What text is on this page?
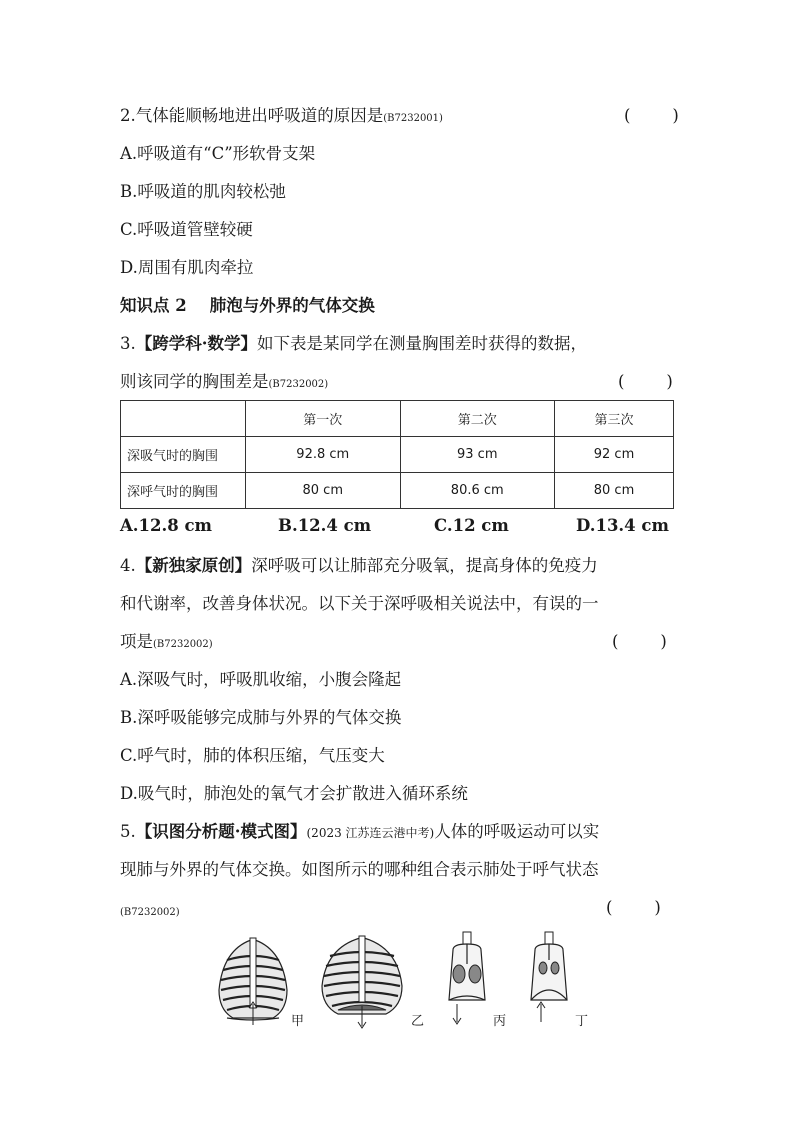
2.气体能顺畅地进出呼吸道的原因是(B7232001)	(        )
A.呼吸道有“C”形软骨支架
B.呼吸道的肌肉较松弛
C.呼吸道管壁较硬
D.周围有肌肉牵拉
知识点 2    肺泡与外界的气体交换
3.【跨学科·数学】如下表是某同学在测量胸围差时获得的数据，
则该同学的胸围差是(B7232002)	(        )
	第一次	第二次	第三次
深吸气时的胸围	92.8 cm	93 cm	92 cm
深呼气时的胸围	80 cm	80.6 cm	80 cm
A.12.8 cm	B.12.4 cm	C.12 cm	D.13.4 cm
4.【新独家原创】深呼吸可以让肺部充分吸氧，提高身体的免疫力
和代谢率，改善身体状况。以下关于深呼吸相关说法中，有误的一
项是(B7232002)	(        )
A.深吸气时，呼吸肌收缩，小腹会隆起
B.深呼吸能够完成肺与外界的气体交换
C.呼气时，肺的体积压缩，气压变大
D.吸气时，肺泡处的氧气才会扩散进入循环系统
5.【识图分析题·模式图】(2023 江苏连云港中考)人体的呼吸运动可以实
现肺与外界的气体交换。如图所示的哪种组合表示肺处于呼气状态
(B7232002)	(        )
甲	乙	丙	丁
